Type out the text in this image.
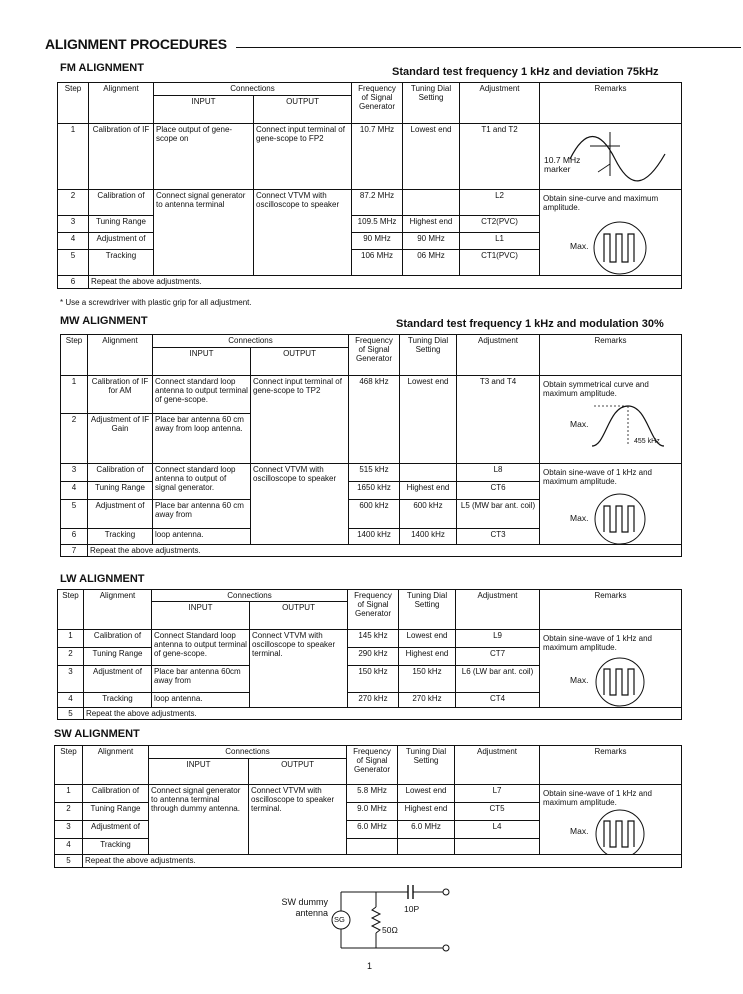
ALIGNMENT PROCEDURES
FM ALIGNMENT	Standard test frequency 1 kHz and deviation 75kHz
Step	Alignment	Connections		Frequency of Signal Generator	Tuning Dial Setting	Adjustment	Remarks
		INPUT	OUTPUT				
1	Calibration of IF	Place output of gene-scope on	Connect input terminal of gene-scope to FP2	10.7 MHz	Lowest end	T1 and T2	10.7 MHz marker

2	Calibration of	Connect signal generator to antenna terminal	Connect VTVM with oscilloscope to speaker	87.2 MHz		L2	Obtain sine-curve and maximum amplitude.
Max.

3	Tuning Range			109.5 MHz	Highest end	CT2(PVC)	
4	Adjustment of			90 MHz	90 MHz	L1	
5	Tracking			106 MHz	06 MHz	CT1(PVC)	
6	Repeat the above adjustments.						
* Use a screwdriver with plastic grip for all adjustment.
MW ALIGNMENT	Standard test frequency 1 kHz and modulation 30%
Step	Alignment	Connections		Frequency of Signal Generator	Tuning Dial Setting	Adjustment	Remarks
		INPUT	OUTPUT				
1	Calibration of IF for AM	Connect standard loop antenna to output terminal of gene-scope.	Connect input terminal of gene-scope to TP2	468 kHz	Lowest end	T3 and T4	Obtain symmetrical curve and maximum amplitude.
Max.
455 kHz

2	Adjustment of IF Gain	Place bar antenna 60 cm away from loop antenna.					
3	Calibration of	Connect standard loop antenna to output of signal generator.	Connect VTVM with oscilloscope to speaker	515 kHz		L8	Obtain sine-wave of 1 kHz and maximum amplitude.
Max.

4	Tuning Range			1650 kHz	Highest end	CT6	
5	Adjustment of	Place bar antenna 60 cm away from		600 kHz	600 kHz	L5 (MW bar ant. coil)	
6	Tracking	loop antenna.		1400 kHz	1400 kHz	CT3	
7	Repeat the above adjustments.						
LW ALIGNMENT
Step	Alignment	Connections		Frequency of Signal Generator	Tuning Dial Setting	Adjustment	Remarks
		INPUT	OUTPUT				
1	Calibration of	Connect Standard loop antenna to output terminal of gene-scope.	Connect VTVM with oscilloscope to speaker terminal.	145 kHz	Lowest end	L9	Obtain sine-wave of 1 kHz and maximum amplitude.
Max.

2	Tuning Range			290 kHz	Highest end	CT7	
3	Adjustment of	Place bar antenna 60cm away from		150 kHz	150 kHz	L6 (LW bar ant. coil)	
4	Tracking	loop antenna.		270 kHz	270 kHz	CT4	
5	Repeat the above adjustments.						
SW ALIGNMENT
Step	Alignment	Connections		Frequency of Signal Generator	Tuning Dial Setting	Adjustment	Remarks
		INPUT	OUTPUT				
1	Calibration of	Connect signal generator to antenna terminal through dummy antenna.	Connect VTVM with oscilloscope to speaker terminal.	5.8 MHz	Lowest end	L7	Obtain sine-wave of 1 kHz and maximum amplitude.
Max.

2	Tuning Range			9.0 MHz	Highest end	CT5	
3	Adjustment of			6.0 MHz	6.0 MHz	L4	
4	Tracking						
5	Repeat the above adjustments.						
SW dummy antenna
SG
10P
50Ω
1
